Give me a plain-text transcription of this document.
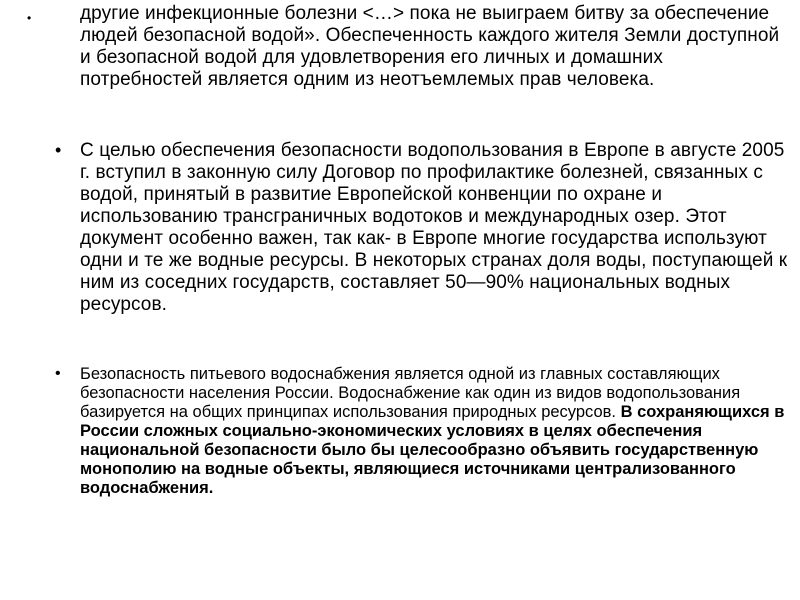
•	другие инфекционные болезни <…> пока не выиграем битву за обеспечение людей безопасной водой». Обеспеченность каждого жителя Земли доступной и безопасной водой для удовлетворения его личных и домашних потребностей является одним из неотъемлемых прав человека.

• С целью обеспечения безопасности водопользования в Европе в августе 2005 г. вступил в законную силу Договор по профилактике болезней, связанных с водой, принятый в развитие Европейской конвенции по охране и использованию трансграничных водотоков и международных озер. Этот документ особенно важен, так как- в Европе многие государства используют одни и те же водные ресурсы. В некоторых странах доля воды, поступающей к ним из соседних государств, составляет 50—90% национальных водных ресурсов.

• Безопасность питьевого водоснабжения является одной из главных составляющих безопасности населения России. Водоснабжение как один из видов водопользования базируется на общих принципах использования природных ресурсов. В сохраняющихся в России сложных социально-экономических условиях в целях обеспечения национальной безопасности было бы целесообразно объявить государственную монополию на водные объекты, являющиеся источниками централизованного водоснабжения.
